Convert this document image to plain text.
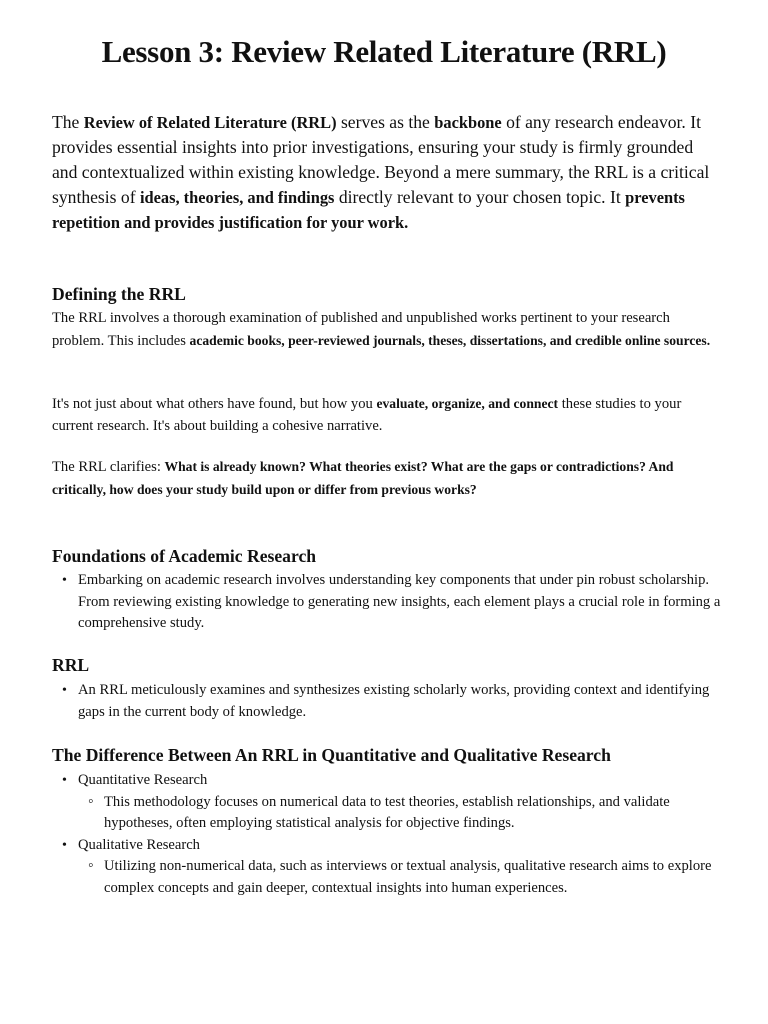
Lesson 3: Review Related Literature (RRL)

The Review of Related Literature (RRL) serves as the backbone of any research endeavor. It provides essential insights into prior investigations, ensuring your study is firmly grounded and contextualized within existing knowledge. Beyond a mere summary, the RRL is a critical synthesis of ideas, theories, and findings directly relevant to your chosen topic. It prevents repetition and provides justification for your work.

Defining the RRL

The RRL involves a thorough examination of published and unpublished works pertinent to your research problem. This includes academic books, peer-reviewed journals, theses, dissertations, and credible online sources.

It's not just about what others have found, but how you evaluate, organize, and connect these studies to your current research. It's about building a cohesive narrative.

The RRL clarifies: What is already known? What theories exist? What are the gaps or contradictions? And critically, how does your study build upon or differ from previous works?

Foundations of Academic Research
• Embarking on academic research involves understanding key components that under pin robust scholarship. From reviewing existing knowledge to generating new insights, each element plays a crucial role in forming a comprehensive study.
RRL
• An RRL meticulously examines and synthesizes existing scholarly works, providing context and identifying gaps in the current body of knowledge.
The Difference Between An RRL in Quantitative and Qualitative Research
• Quantitative Research
◦ This methodology focuses on numerical data to test theories, establish relationships, and validate hypotheses, often employing statistical analysis for objective findings.
• Qualitative Research
◦ Utilizing non-numerical data, such as interviews or textual analysis, qualitative research aims to explore complex concepts and gain deeper, contextual insights into human experiences.
